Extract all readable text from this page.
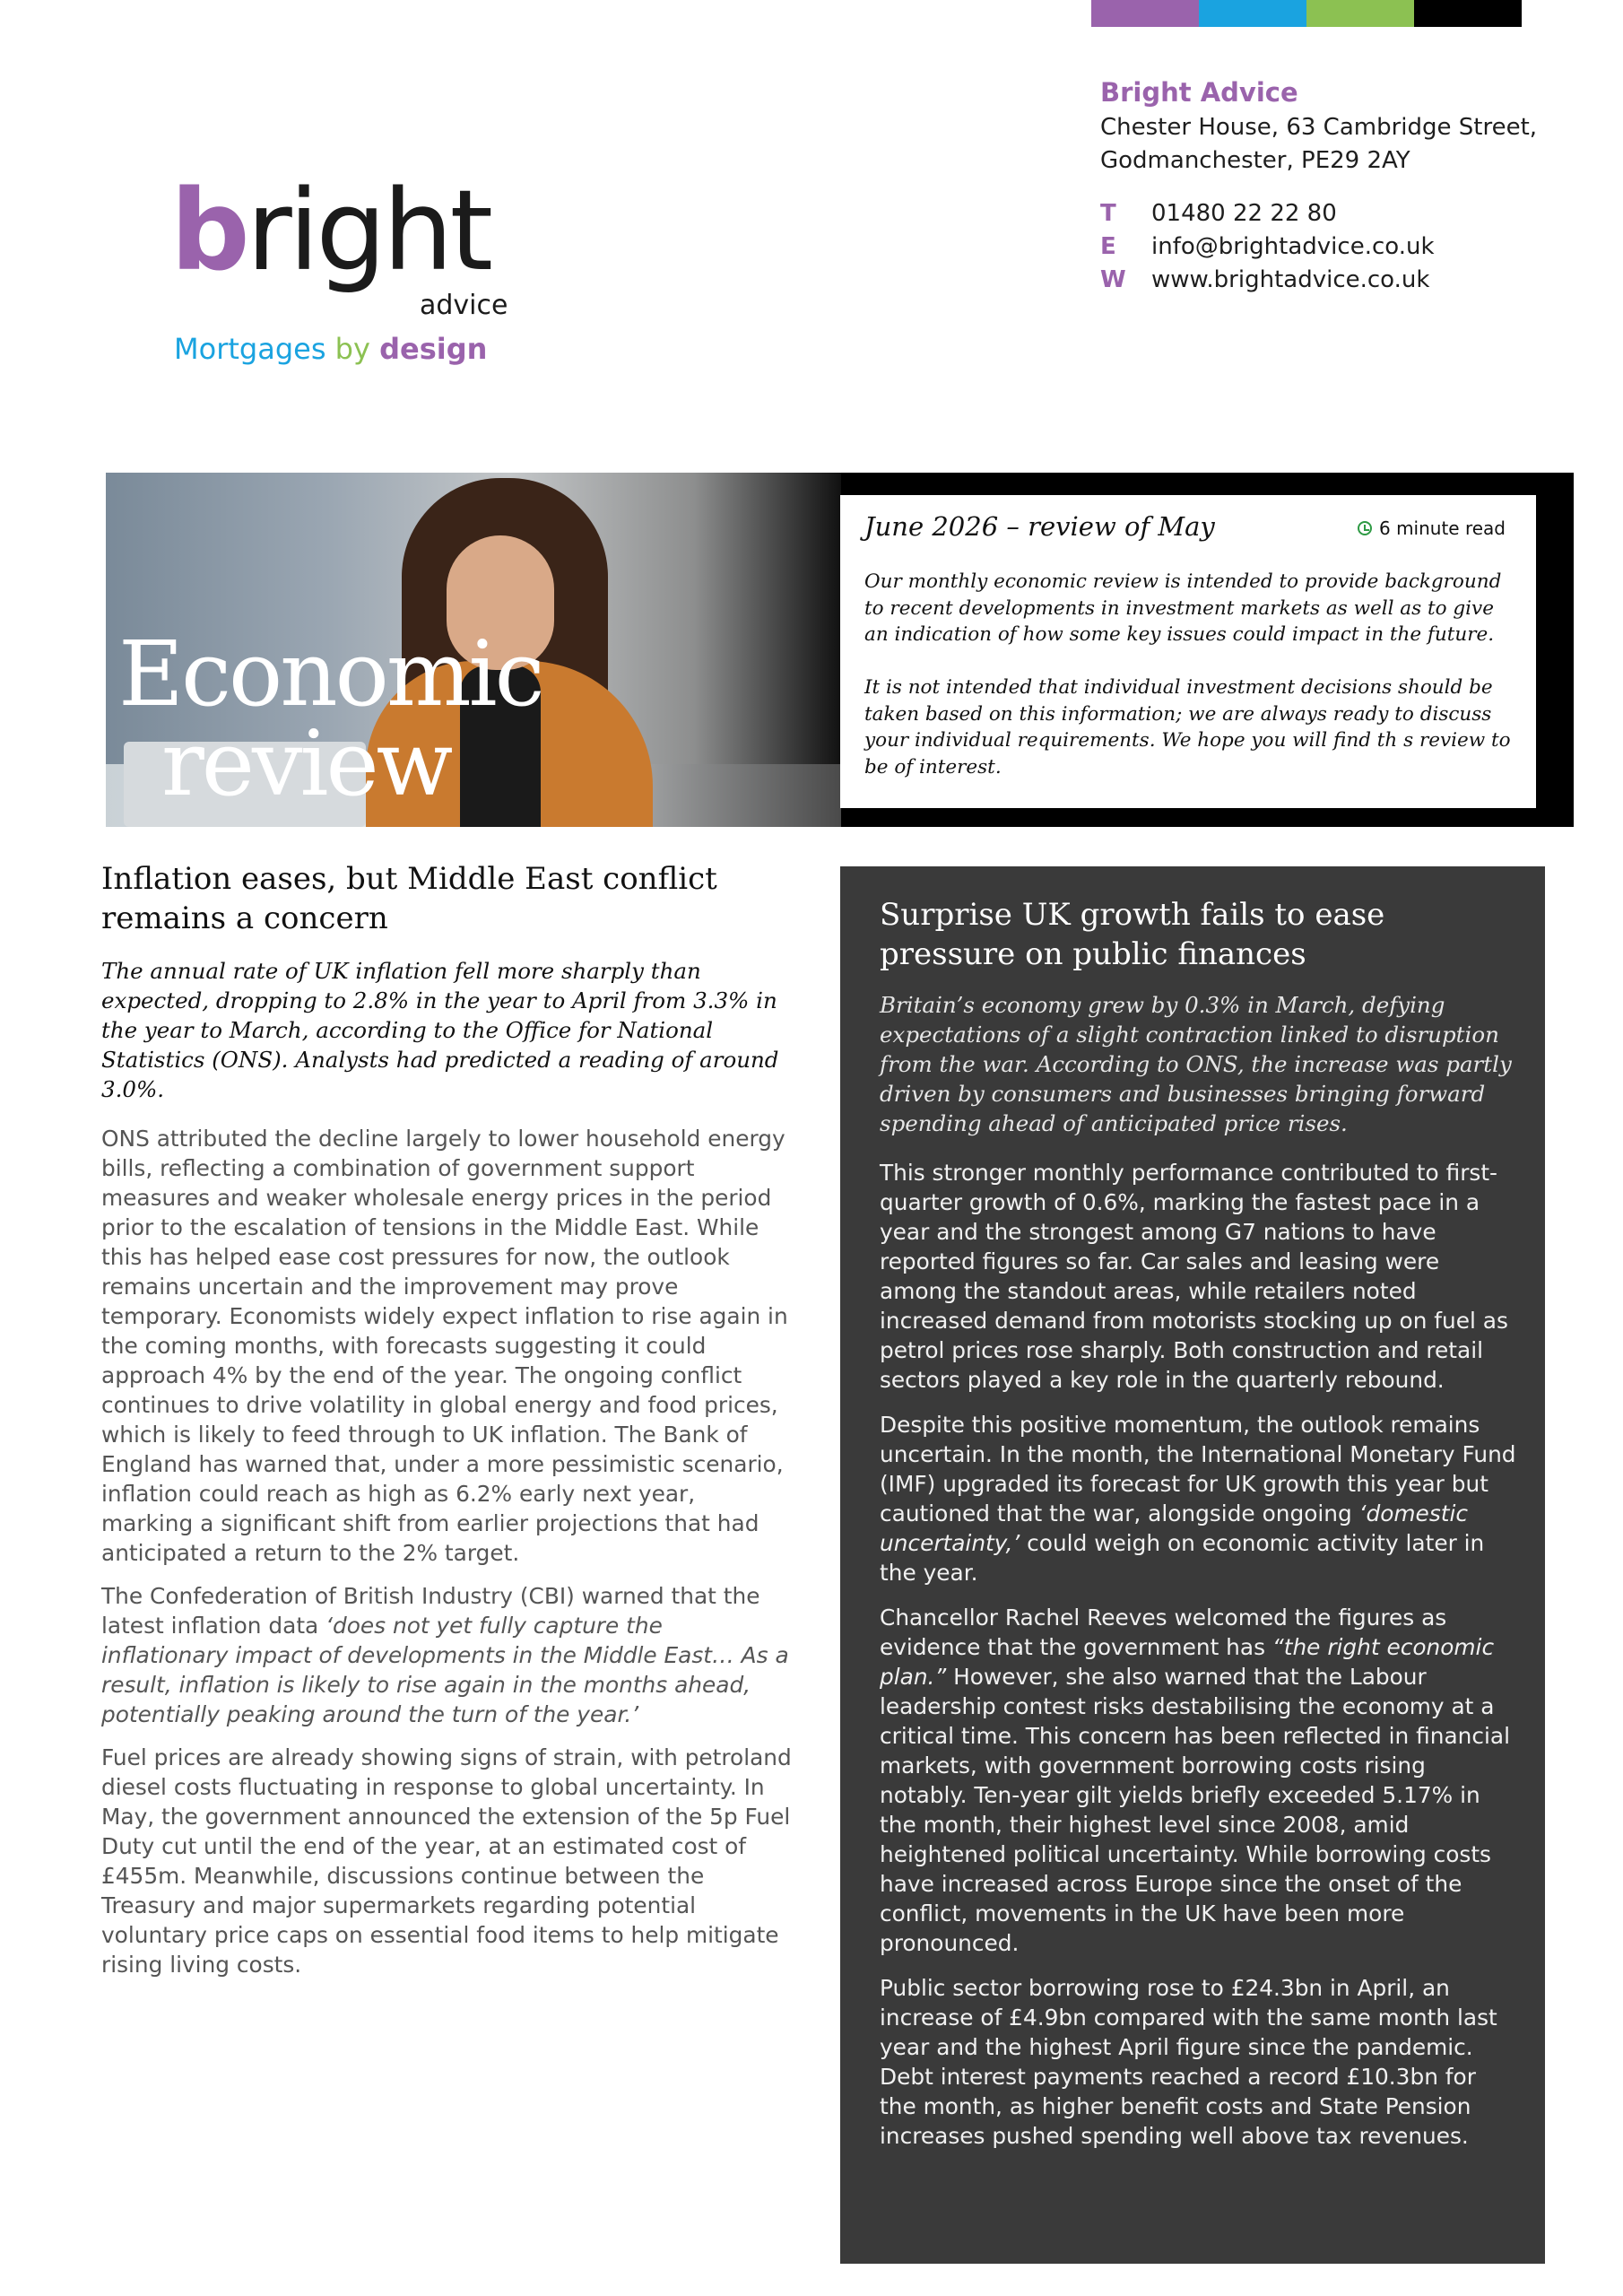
Bright Advice
Chester House, 63 Cambridge Street,
Godmanchester, PE29 2AY
T	01480 22 22 80
E	info@brightadvice.co.uk
W	www.brightadvice.co.uk
bright
advice
Mortgages by design
Economic
review
June 2026 – review of May	6 minute read

Our monthly economic review is intended to provide background to recent developments in investment markets as well as to give an indication of how some key issues could impact in the future.

It is not intended that individual investment decisions should be taken based on this information; we are always ready to discuss your individual requirements. We hope you will find th s review to be of interest.

Inflation eases, but Middle East conflict remains a concern

The annual rate of UK inflation fell more sharply than expected, dropping to 2.8% in the year to April from 3.3% in the year to March, according to the Office for National Statistics (ONS). Analysts had predicted a reading of around 3.0%.

ONS attributed the decline largely to lower household energy bills, reflecting a combination of government support measures and weaker wholesale energy prices in the period prior to the escalation of tensions in the Middle East. While this has helped ease cost pressures for now, the outlook remains uncertain and the improvement may prove temporary. Economists widely expect inflation to rise again in the coming months, with forecasts suggesting it could approach 4% by the end of the year. The ongoing conflict continues to drive volatility in global energy and food prices, which is likely to feed through to UK inflation. The Bank of England has warned that, under a more pessimistic scenario, inflation could reach as high as 6.2% early next year, marking a significant shift from earlier projections that had anticipated a return to the 2% target.

The Confederation of British Industry (CBI) warned that the latest inflation data ‘does not yet fully capture the inflationary impact of developments in the Middle East… As a result, inflation is likely to rise again in the months ahead, potentially peaking around the turn of the year.’

Fuel prices are already showing signs of strain, with petroland diesel costs fluctuating in response to global uncertainty. In May, the government announced the extension of the 5p Fuel Duty cut until the end of the year, at an estimated cost of £455m. Meanwhile, discussions continue between the Treasury and major supermarkets regarding potential voluntary price caps on essential food items to help mitigate rising living costs.

Surprise UK growth fails to ease pressure on public finances

Britain’s economy grew by 0.3% in March, defying expectations of a slight contraction linked to disruption from the war. According to ONS, the increase was partly driven by consumers and businesses bringing forward spending ahead of anticipated price rises.

This stronger monthly performance contributed to first-quarter growth of 0.6%, marking the fastest pace in a year and the strongest among G7 nations to have reported figures so far. Car sales and leasing were among the standout areas, while retailers noted increased demand from motorists stocking up on fuel as petrol prices rose sharply. Both construction and retail sectors played a key role in the quarterly rebound.

Despite this positive momentum, the outlook remains uncertain. In the month, the International Monetary Fund (IMF) upgraded its forecast for UK growth this year but cautioned that the war, alongside ongoing ‘domestic uncertainty,’ could weigh on economic activity later in the year.

Chancellor Rachel Reeves welcomed the figures as evidence that the government has “the right economic plan.” However, she also warned that the Labour leadership contest risks destabilising the economy at a critical time. This concern has been reflected in financial markets, with government borrowing costs rising notably. Ten-year gilt yields briefly exceeded 5.17% in the month, their highest level since 2008, amid heightened political uncertainty. While borrowing costs have increased across Europe since the onset of the conflict, movements in the UK have been more pronounced.

Public sector borrowing rose to £24.3bn in April, an increase of £4.9bn compared with the same month last year and the highest April figure since the pandemic. Debt interest payments reached a record £10.3bn for the month, as higher benefit costs and State Pension increases pushed spending well above tax revenues.
